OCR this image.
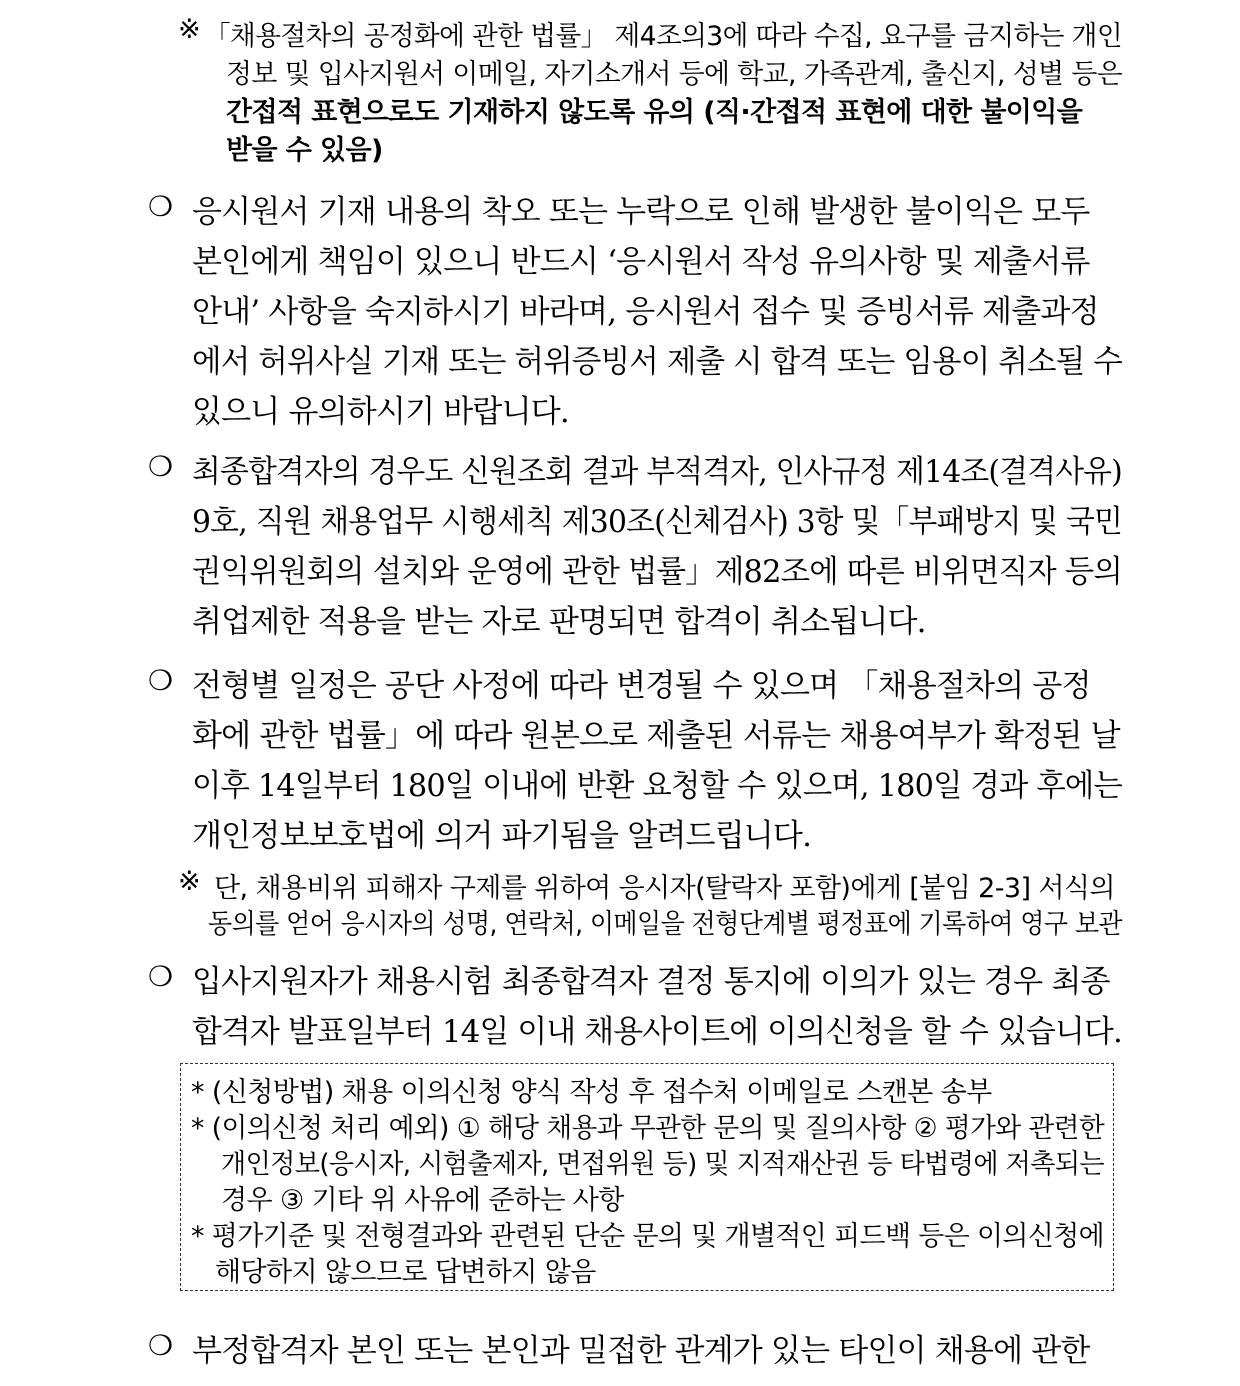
※ 「채용절차의 공정화에 관한 법률」 제4조의3에 따라 수집, 요구를 금지하는 개인
정보 및 입사지원서 이메일, 자기소개서 등에 학교, 가족관계, 출신지, 성별 등은
간접적 표현으로도 기재하지 않도록 유의 (직·간접적 표현에 대한 불이익을
받을 수 있음)
❍ 응시원서 기재 내용의 착오 또는 누락으로 인해 발생한 불이익은 모두
본인에게 책임이 있으니 반드시 ‘응시원서 작성 유의사항 및 제출서류
안내’ 사항을 숙지하시기 바라며, 응시원서 접수 및 증빙서류 제출과정
에서 허위사실 기재 또는 허위증빙서 제출 시 합격 또는 임용이 취소될 수
있으니 유의하시기 바랍니다.
❍ 최종합격자의 경우도 신원조회 결과 부적격자, 인사규정 제14조(결격사유)
9호, 직원 채용업무 시행세칙 제30조(신체검사) 3항 및「부패방지 및 국민
권익위원회의 설치와 운영에 관한 법률」제82조에 따른 비위면직자 등의
취업제한 적용을 받는 자로 판명되면 합격이 취소됩니다.
❍ 전형별 일정은 공단 사정에 따라 변경될 수 있으며 「채용절차의 공정
화에 관한 법률」에 따라 원본으로 제출된 서류는 채용여부가 확정된 날
이후 14일부터 180일 이내에 반환 요청할 수 있으며, 180일 경과 후에는
개인정보보호법에 의거 파기됨을 알려드립니다.
※ 단, 채용비위 피해자 구제를 위하여 응시자(탈락자 포함)에게 [붙임 2-3] 서식의
동의를 얻어 응시자의 성명, 연락처, 이메일을 전형단계별 평정표에 기록하여 영구 보관
❍ 입사지원자가 채용시험 최종합격자 결정 통지에 이의가 있는 경우 최종
합격자 발표일부터 14일 이내 채용사이트에 이의신청을 할 수 있습니다.
* (신청방법) 채용 이의신청 양식 작성 후 접수처 이메일로 스캔본 송부
* (이의신청 처리 예외) ① 해당 채용과 무관한 문의 및 질의사항 ② 평가와 관련한
개인정보(응시자, 시험출제자, 면접위원 등) 및 지적재산권 등 타법령에 저촉되는
경우 ③ 기타 위 사유에 준하는 사항
* 평가기준 및 전형결과와 관련된 단순 문의 및 개별적인 피드백 등은 이의신청에
해당하지 않으므로 답변하지 않음
❍ 부정합격자 본인 또는 본인과 밀접한 관계가 있는 타인이 채용에 관한
